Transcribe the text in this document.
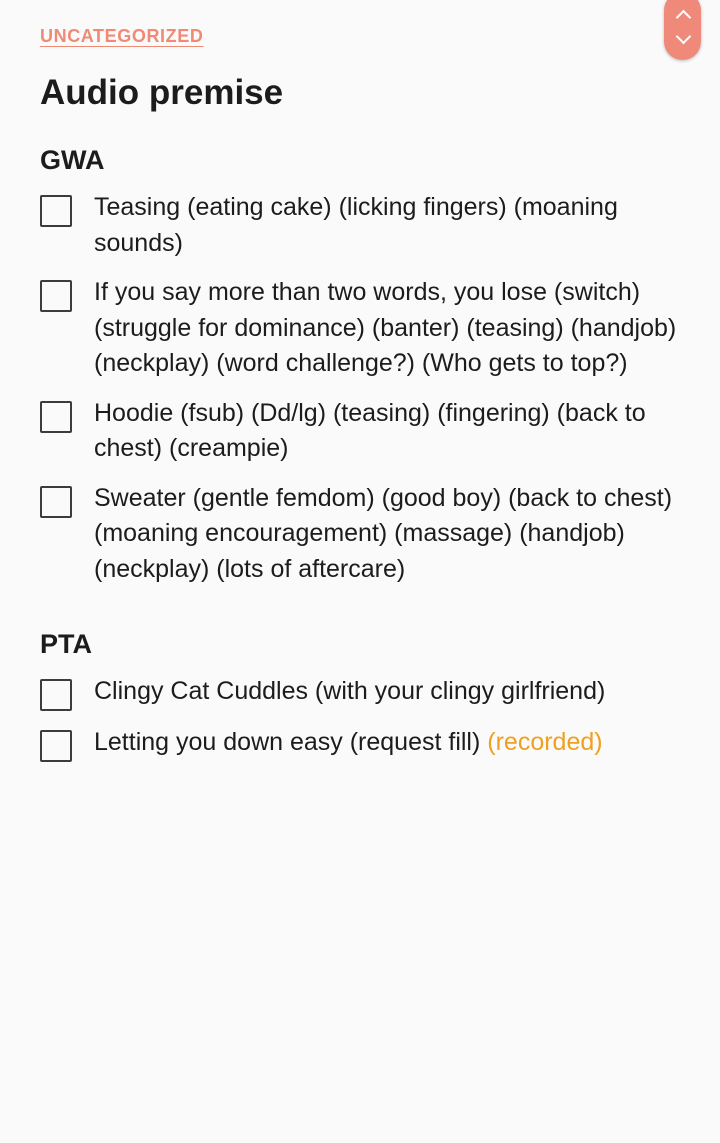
UNCATEGORIZED
Audio premise
GWA
Teasing (eating cake) (licking fingers) (moaning sounds)
If you say more than two words, you lose (switch) (struggle for dominance) (banter) (teasing) (handjob) (neckplay) (word challenge?) (Who gets to top?)
Hoodie (fsub) (Dd/lg) (teasing) (fingering) (back to chest) (creampie)
Sweater (gentle femdom) (good boy) (back to chest) (moaning encouragement) (massage) (handjob) (neckplay) (lots of aftercare)
PTA
Clingy Cat Cuddles (with your clingy girlfriend)
Letting you down easy (request fill) (recorded)
